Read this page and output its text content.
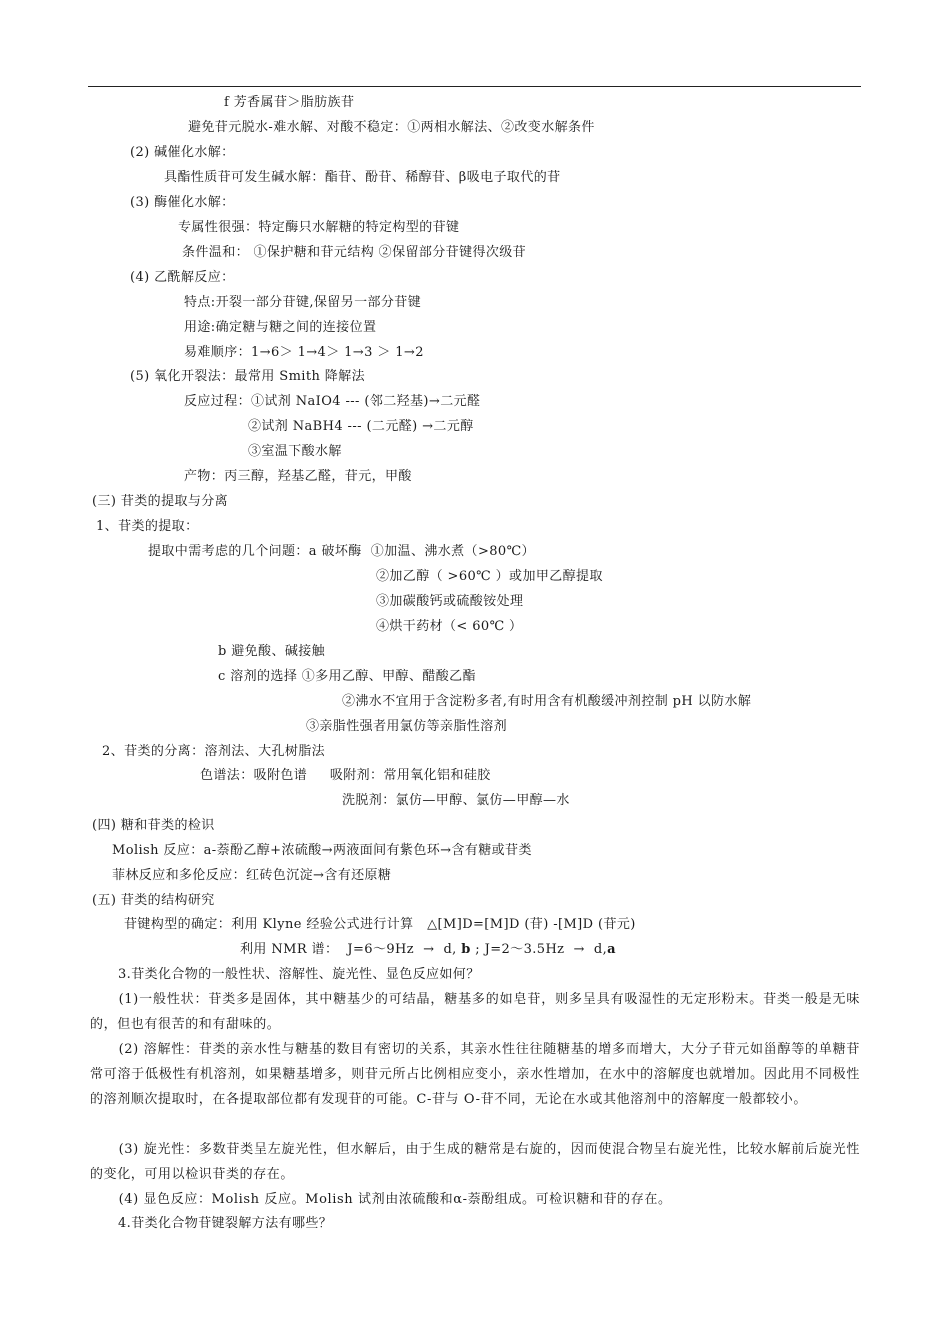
f 芳香属苷＞脂肪族苷
避免苷元脱水-难水解、对酸不稳定：①两相水解法、②改变水解条件
(2) 碱催化水解：
具酯性质苷可发生碱水解：酯苷、酚苷、稀醇苷、β吸电子取代的苷
(3) 酶催化水解：
专属性很强：特定酶只水解糖的特定构型的苷键
条件温和： ①保护糖和苷元结构 ②保留部分苷键得次级苷
(4) 乙酰解反应：
特点:开裂一部分苷键,保留另一部分苷键
用途:确定糖与糖之间的连接位置
易难顺序：1→6＞ 1→4＞ 1→3 ＞ 1→2
(5) 氧化开裂法：最常用 Smith 降解法
反应过程：①试剂 NaIO4 --- (邻二羟基)→二元醛
②试剂 NaBH4 --- (二元醛) →二元醇
③室温下酸水解
产物：丙三醇，羟基乙醛，苷元，甲酸
(三) 苷类的提取与分离
1、苷类的提取：
提取中需考虑的几个问题：a 破坏酶  ①加温、沸水煮（>80℃）
②加乙醇（ >60℃ ）或加甲乙醇提取
③加碳酸钙或硫酸铵处理
④烘干药材（< 60℃ ）
b 避免酸、碱接触
c 溶剂的选择 ①多用乙醇、甲醇、醋酸乙酯
②沸水不宜用于含淀粉多者,有时用含有机酸缓冲剂控制 pH 以防水解
③亲脂性强者用氯仿等亲脂性溶剂
2、苷类的分离：溶剂法、大孔树脂法
色谱法：吸附色谱     吸附剂：常用氧化铝和硅胶
洗脱剂：氯仿—甲醇、氯仿—甲醇—水
(四) 糖和苷类的检识
Molish 反应：a-萘酚乙醇+浓硫酸→两液面间有紫色环→含有糖或苷类
菲林反应和多伦反应：红砖色沉淀→含有还原糖
(五) 苷类的结构研究
苷键构型的确定：利用 Klyne 经验公式进行计算   △[M]D=[M]D (苷) -[M]D (苷元)
利用 NMR 谱：  J=6～9Hz  →  d, b ; J=2～3.5Hz  →  d,a
3.苷类化合物的一般性状、溶解性、旋光性、显色反应如何？
(1)一般性状：苷类多是固体，其中糖基少的可结晶，糖基多的如皂苷，则多呈具有吸湿性的无定形粉末。苷类一般是无味的，但也有很苦的和有甜味的。
(2) 溶解性：苷类的亲水性与糖基的数目有密切的关系，其亲水性往往随糖基的增多而增大，大分子苷元如甾醇等的单糖苷常可溶于低极性有机溶剂，如果糖基增多，则苷元所占比例相应变小，亲水性增加，在水中的溶解度也就增加。因此用不同极性的溶剂顺次提取时，在各提取部位都有发现苷的可能。C-苷与 O-苷不同，无论在水或其他溶剂中的溶解度一般都较小。
(3) 旋光性：多数苷类呈左旋光性，但水解后，由于生成的糖常是右旋的，因而使混合物呈右旋光性，比较水解前后旋光性的变化，可用以检识苷类的存在。
(4) 显色反应：Molish 反应。Molish 试剂由浓硫酸和α-萘酚组成。可检识糖和苷的存在。
4.苷类化合物苷键裂解方法有哪些？
